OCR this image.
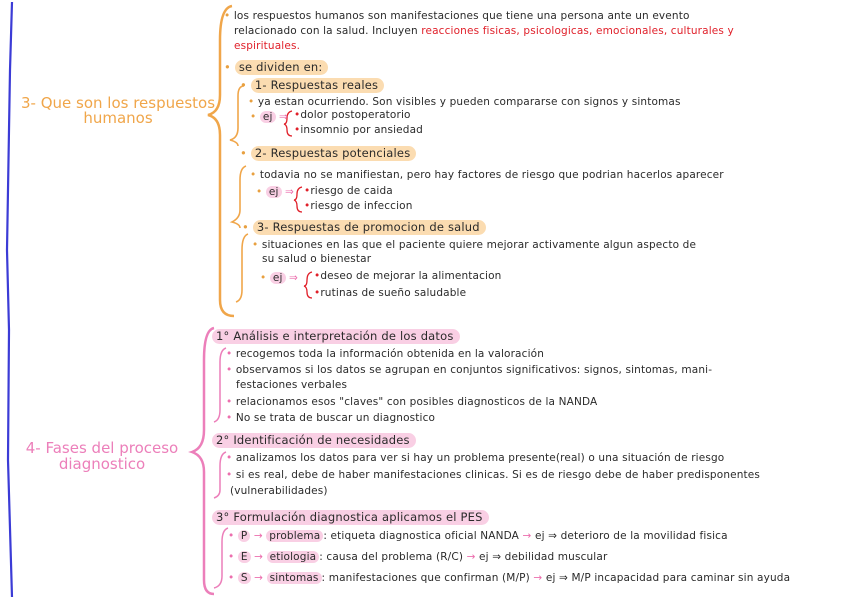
3- Que son los respuestos
humanos
• los respuestos humanos son manifestaciones que tiene una persona ante un evento
relacionado con la salud. Incluyen reacciones fisicas, psicologicas, emocionales, culturales y
espirituales.
• se dividen en:
• 1- Respuestas reales
• ya estan ocurriendo. Son visibles y pueden compararse con signos y sintomas
• ej ⇒ •dolor postoperatorio
•insomnio por ansiedad
• 2- Respuestas potenciales
• todavia no se manifiestan, pero hay factores de riesgo que podrian hacerlos aparecer
• ej ⇒ •riesgo de caida
•riesgo de infeccion
• 3- Respuestas de promocion de salud
• situaciones en las que el paciente quiere mejorar activamente algun aspecto de
su salud o bienestar
• ej ⇒ •deseo de mejorar la alimentacion
•rutinas de sueño saludable
4- Fases del proceso
diagnostico
1° Análisis e interpretación de los datos
• recogemos toda la información obtenida en la valoración
• observamos si los datos se agrupan en conjuntos significativos: signos, sintomas, mani-
festaciones verbales
• relacionamos esos "claves" con posibles diagnosticos de la NANDA
• No se trata de buscar un diagnostico
2° Identificación de necesidades
• analizamos los datos para ver si hay un problema presente(real) o una situación de riesgo
• si es real, debe de haber manifestaciones clinicas. Si es de riesgo debe de haber predisponentes
(vulnerabilidades)
3° Formulación diagnostica aplicamos el PES
• P → problema : etiqueta diagnostica oficial NANDA → ej ⇒ deterioro de la movilidad fisica
• E → etiologia : causa del problema (R/C) → ej ⇒ debilidad muscular
• S → sintomas : manifestaciones que confirman (M/P) → ej ⇒ M/P incapacidad para caminar sin ayuda
